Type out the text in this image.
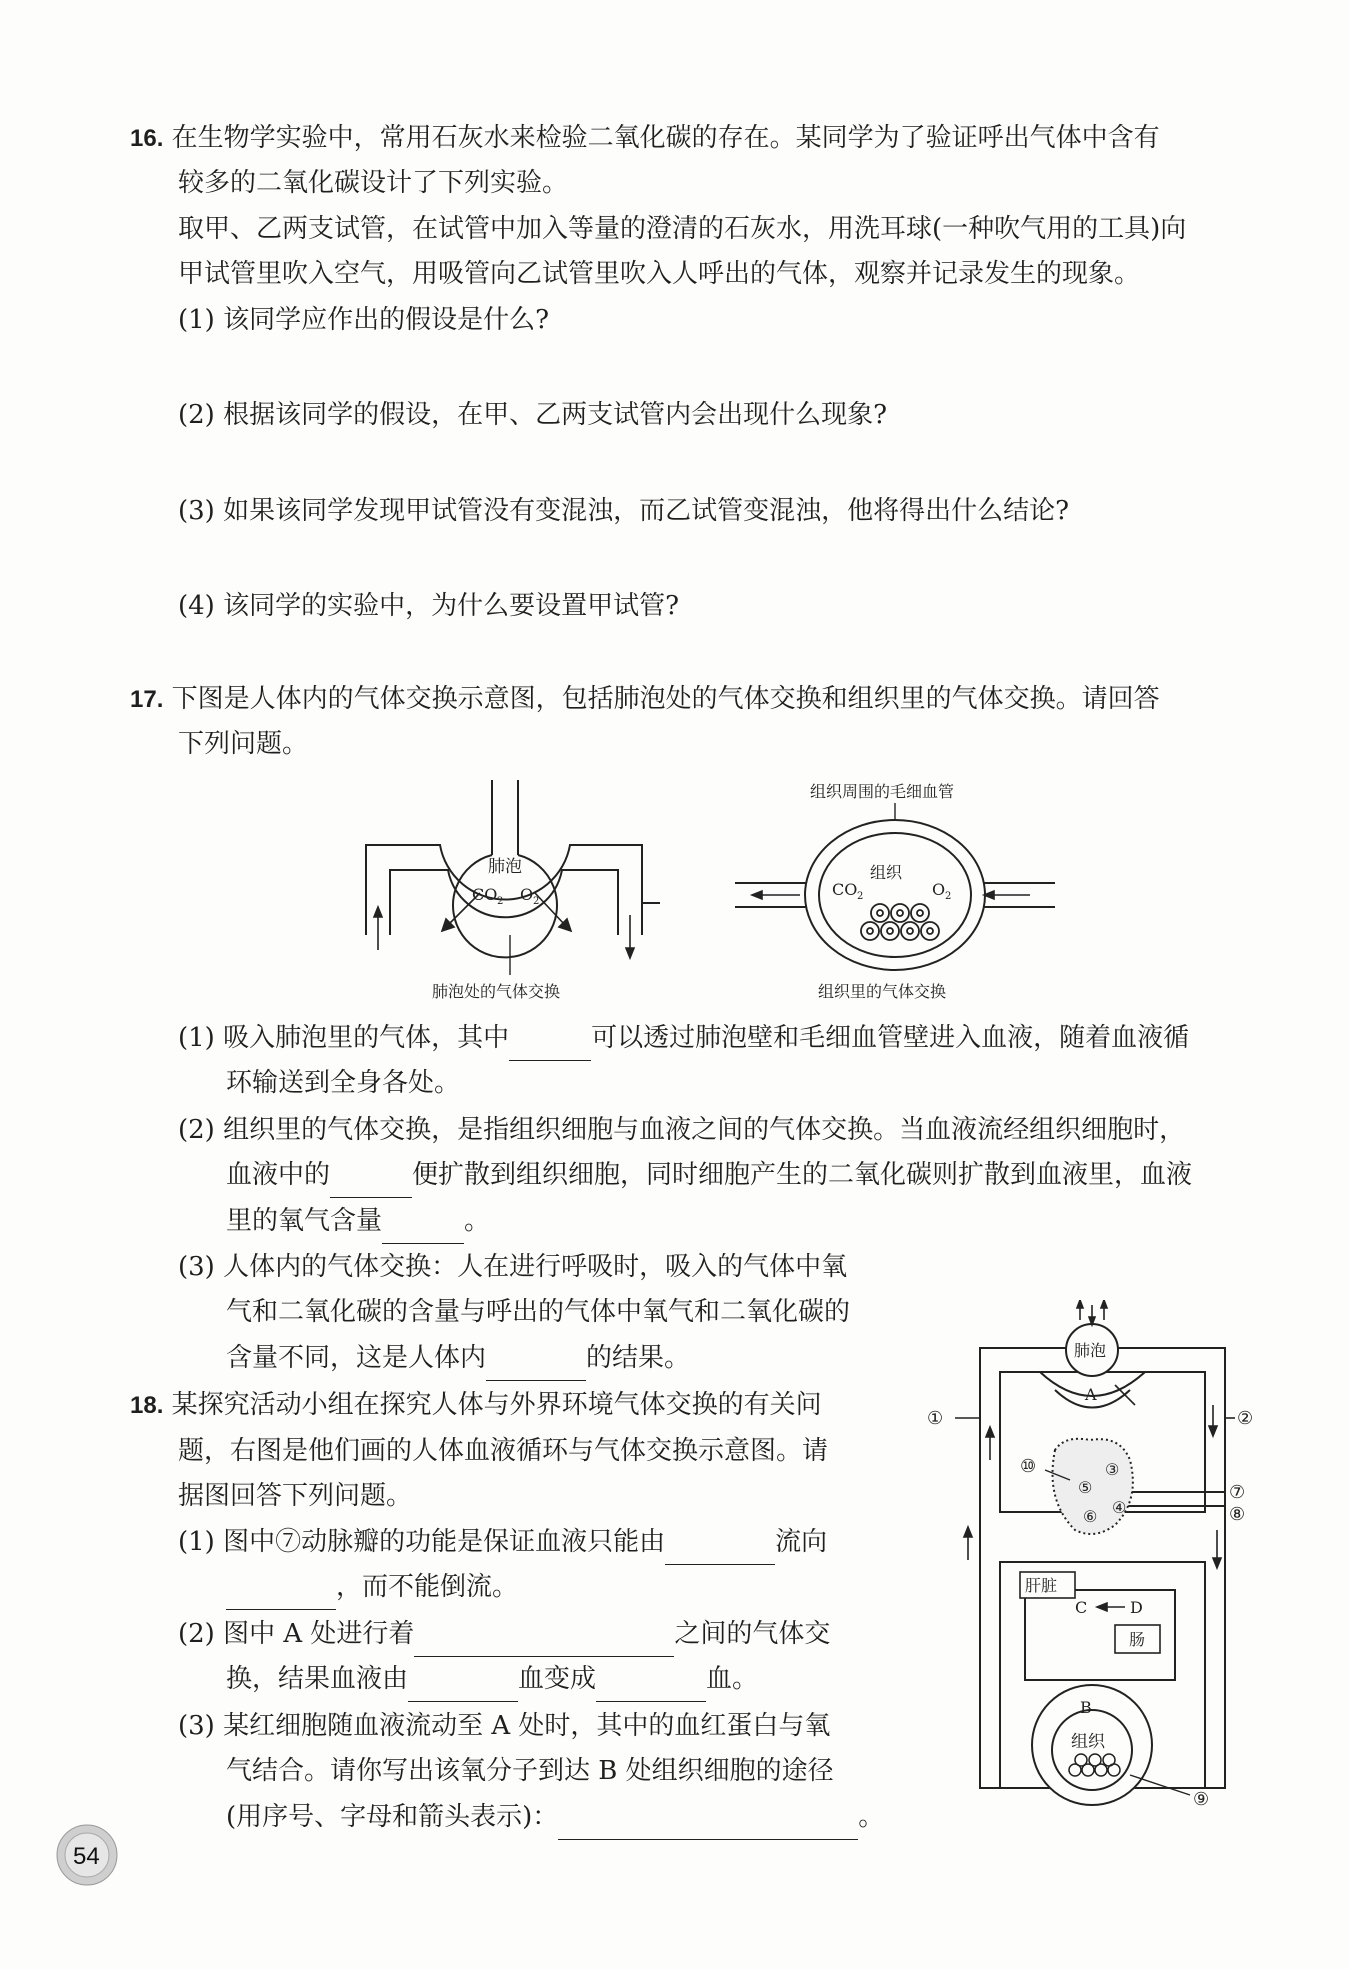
16. 在生物学实验中，常用石灰水来检验二氧化碳的存在。某同学为了验证呼出气体中含有
较多的二氧化碳设计了下列实验。
取甲、乙两支试管，在试管中加入等量的澄清的石灰水，用洗耳球(一种吹气用的工具)向
甲试管里吹入空气，用吸管向乙试管里吹入人呼出的气体，观察并记录发生的现象。
(1) 该同学应作出的假设是什么?
(2) 根据该同学的假设，在甲、乙两支试管内会出现什么现象?
(3) 如果该同学发现甲试管没有变混浊，而乙试管变混浊，他将得出什么结论?
(4) 该同学的实验中，为什么要设置甲试管?
17. 下图是人体内的气体交换示意图，包括肺泡处的气体交换和组织里的气体交换。请回答
下列问题。
肺泡
CO 2 O 2
肺泡处的气体交换
组织周围的毛细血管
组织
CO 2	O 2
组织里的气体交换
(1) 吸入肺泡里的气体，其中	可以透过肺泡壁和毛细血管壁进入血液，随着血液循
环输送到全身各处。
(2) 组织里的气体交换，是指组织细胞与血液之间的气体交换。当血液流经组织细胞时，
血液中的	便扩散到组织细胞，同时细胞产生的二氧化碳则扩散到血液里，血液
里的氧气含量	。
(3) 人体内的气体交换：人在进行呼吸时，吸入的气体中氧
气和二氧化碳的含量与呼出的气体中氧气和二氧化碳的
含量不同，这是人体内	的结果。
18. 某探究活动小组在探究人体与外界环境气体交换的有关问
题，右图是他们画的人体血液循环与气体交换示意图。请
据图回答下列问题。
(1) 图中⑦动脉瓣的功能是保证血液只能由	流向
，而不能倒流。
(2) 图中 A 处进行着	之间的气体交
换，结果血液由	血变成	血。
(3) 某红细胞随血液流动至 A 处时，其中的血红蛋白与氧
气结合。请你写出该氧分子到达 B 处组织细胞的途径
(用序号、字母和箭头表示)：	。
肺泡
A
B
C	D
肝脏
肠
组织
①	②
③
④
⑤
⑥
⑦
⑧
⑨
⑩
54
